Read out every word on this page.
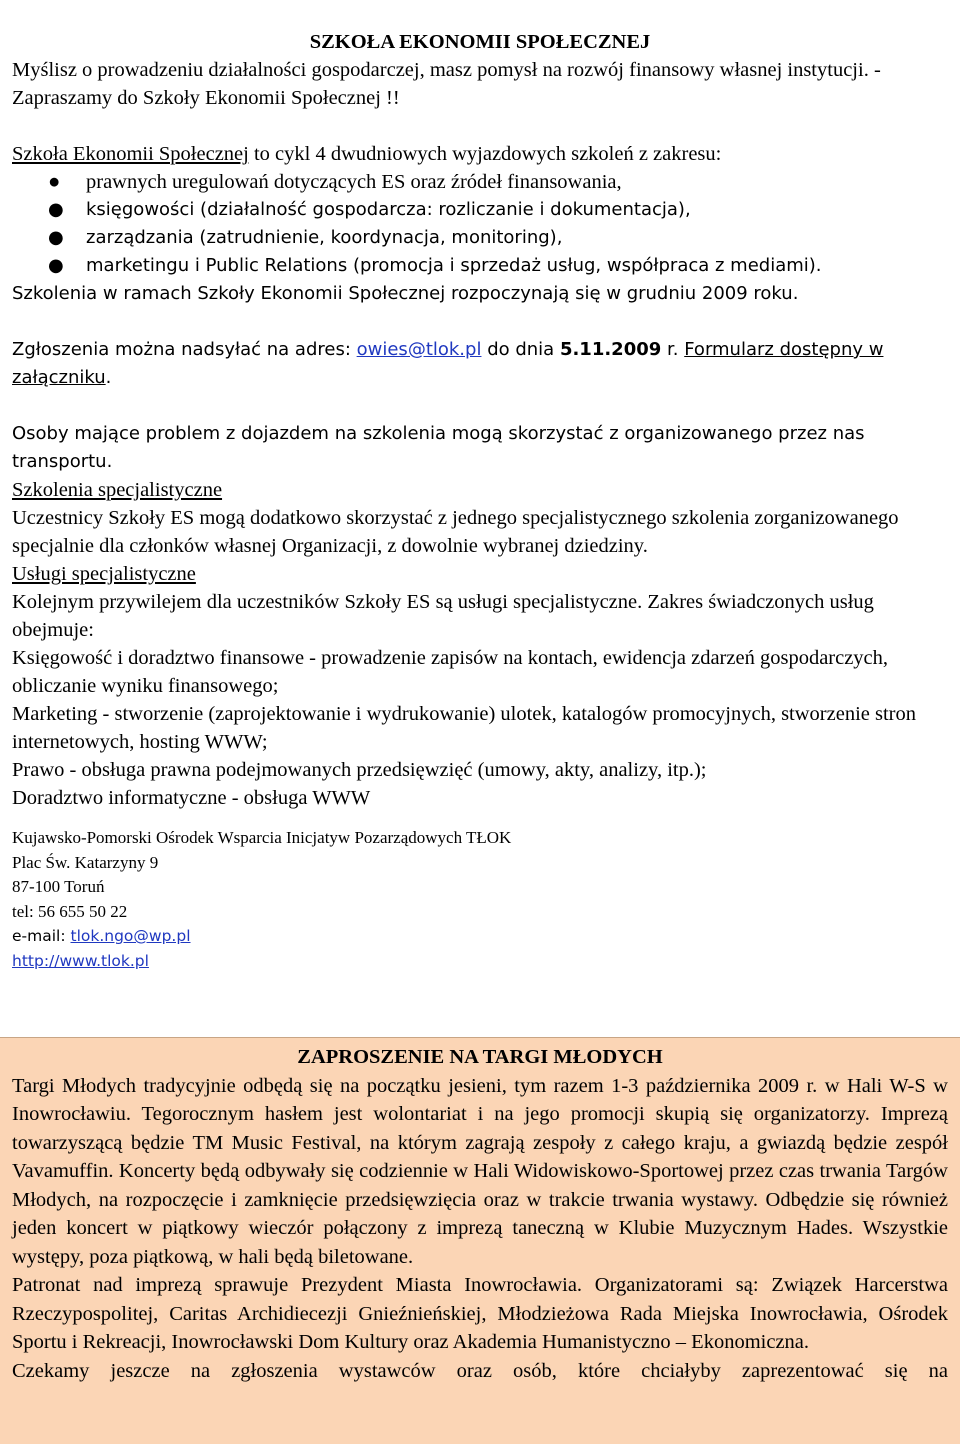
SZKOŁA EKONOMII SPOŁECZNEJ

Myślisz o prowadzeniu działalności gospodarczej, masz pomysł na rozwój finansowy własnej instytucji. - Zapraszamy do Szkoły Ekonomii Społecznej !!

Szkoła Ekonomii Społecznej to cykl 4 dwudniowych wyjazdowych szkoleń z zakresu:

● prawnych uregulowań dotyczących ES oraz źródeł finansowania,
● księgowości (działalność gospodarcza: rozliczanie i dokumentacja),
● zarządzania (zatrudnienie, koordynacja, monitoring),
● marketingu i Public Relations (promocja i sprzedaż usług, współpraca z mediami).

Szkolenia w ramach Szkoły Ekonomii Społecznej rozpoczynają się w grudniu 2009 roku.

Zgłoszenia można nadsyłać na adres: owies@tlok.pl do dnia 5.11.2009 r. Formularz dostępny w załączniku.

Osoby mające problem z dojazdem na szkolenia mogą skorzystać z organizowanego przez nas transportu.

Szkolenia specjalistyczne

Uczestnicy Szkoły ES mogą dodatkowo skorzystać z jednego specjalistycznego szkolenia zorganizowanego specjalnie dla członków własnej Organizacji, z dowolnie wybranej dziedziny.

Usługi specjalistyczne

Kolejnym przywilejem dla uczestników Szkoły ES są usługi specjalistyczne. Zakres świadczonych usług obejmuje:

Księgowość i doradztwo finansowe - prowadzenie zapisów na kontach, ewidencja zdarzeń gospodarczych, obliczanie wyniku finansowego;

Marketing - stworzenie (zaprojektowanie i wydrukowanie) ulotek, katalogów promocyjnych, stworzenie stron internetowych, hosting WWW;

Prawo - obsługa prawna podejmowanych przedsięwzięć (umowy, akty, analizy, itp.);

Doradztwo informatyczne - obsługa WWW

Kujawsko-Pomorski Ośrodek Wsparcia Inicjatyw Pozarządowych TŁOK

Plac Św. Katarzyny 9

87-100 Toruń

tel: 56 655 50 22

e-mail: tlok.ngo@wp.pl

http://www.tlok.pl

ZAPROSZENIE NA TARGI MŁODYCH

Targi Młodych tradycyjnie odbędą się na początku jesieni, tym razem 1-3 października 2009 r. w Hali W-S w Inowrocławiu. Tegorocznym hasłem jest wolontariat i na jego promocji skupią się organizatorzy. Imprezą towarzyszącą będzie TM Music Festival, na którym zagrają zespoły z całego kraju, a gwiazdą będzie zespół Vavamuffin. Koncerty będą odbywały się codziennie w Hali Widowiskowo-Sportowej przez czas trwania Targów Młodych, na rozpoczęcie i zamknięcie przedsięwzięcia oraz w trakcie trwania wystawy. Odbędzie się również jeden koncert w piątkowy wieczór połączony z imprezą taneczną w Klubie Muzycznym Hades. Wszystkie występy, poza piątkową, w hali będą biletowane.

Patronat nad imprezą sprawuje Prezydent Miasta Inowrocławia. Organizatorami są: Związek Harcerstwa Rzeczypospolitej, Caritas Archidiecezji Gnieźnieńskiej, Młodzieżowa Rada Miejska Inowrocławia, Ośrodek Sportu i Rekreacji, Inowrocławski Dom Kultury oraz Akademia Humanistyczno – Ekonomiczna.

Czekamy jeszcze na zgłoszenia wystawców oraz osób, które chciałyby zaprezentować się na
